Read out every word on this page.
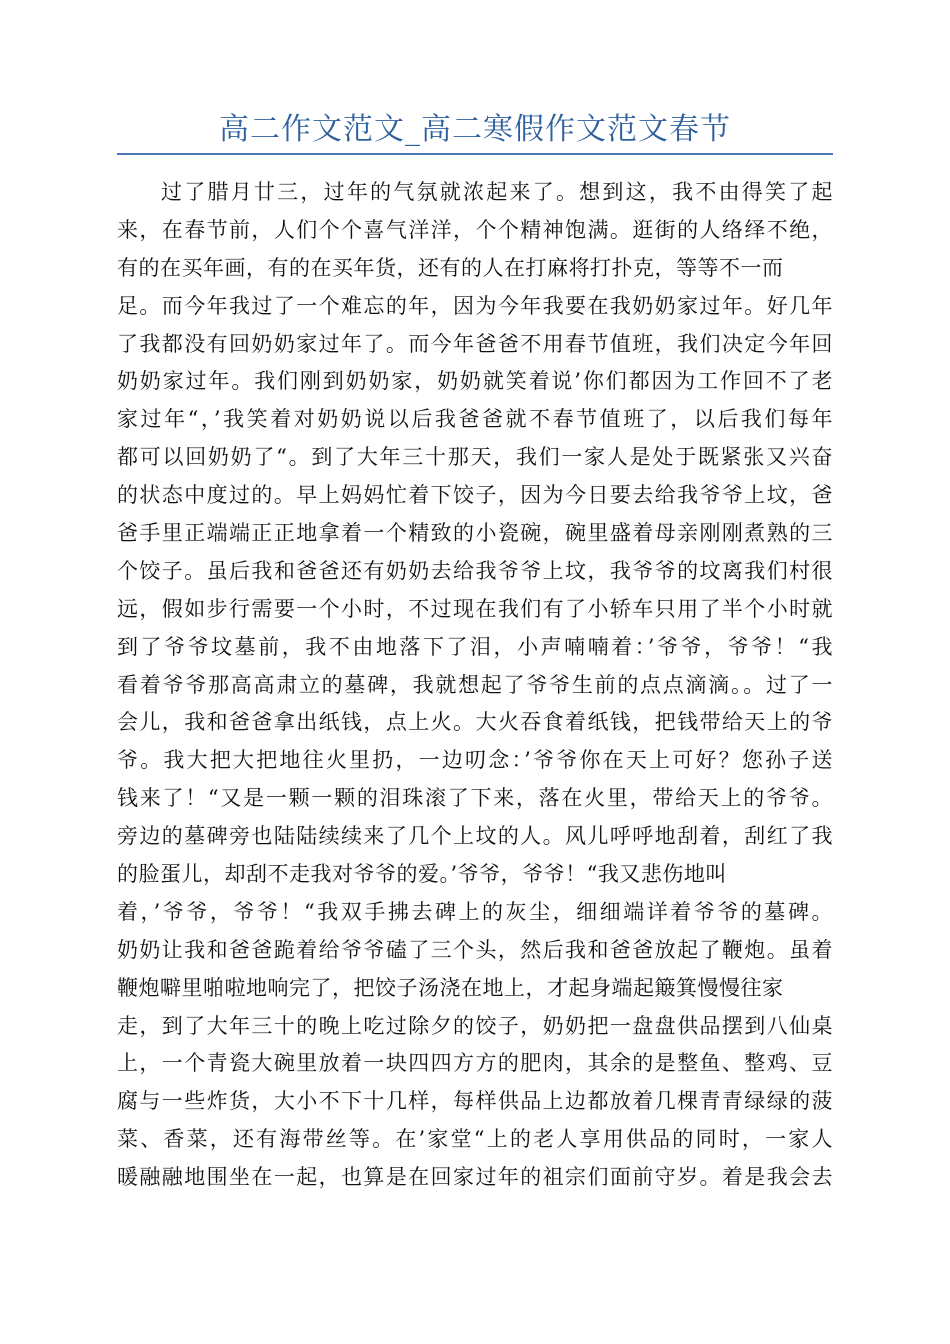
高二作文范文_高二寒假作文范文春节
过了腊月廿三，过年的气氛就浓起来了。想到这，我不由得笑了起
来，在春节前，人们个个喜气洋洋，个个精神饱满。逛街的人络绎不绝，
有的在买年画，有的在买年货，还有的人在打麻将打扑克，等等不一而
足。而今年我过了一个难忘的年，因为今年我要在我奶奶家过年。好几年
了我都没有回奶奶家过年了。而今年爸爸不用春节值班，我们决定今年回
奶奶家过年。我们刚到奶奶家，奶奶就笑着说’你们都因为工作回不了老
家过年“，’我笑着对奶奶说以后我爸爸就不春节值班了，以后我们每年
都可以回奶奶了“。到了大年三十那天，我们一家人是处于既紧张又兴奋
的状态中度过的。早上妈妈忙着下饺子，因为今日要去给我爷爷上坟，爸
爸手里正端端正正地拿着一个精致的小瓷碗，碗里盛着母亲刚刚煮熟的三
个饺子。虽后我和爸爸还有奶奶去给我爷爷上坟，我爷爷的坟离我们村很
远，假如步行需要一个小时，不过现在我们有了小轿车只用了半个小时就
到了爷爷坟墓前，我不由地落下了泪，小声喃喃着：’爷爷，爷爷！“我
看着爷爷那高高肃立的墓碑，我就想起了爷爷生前的点点滴滴。。过了一
会儿，我和爸爸拿出纸钱，点上火。大火吞食着纸钱，把钱带给天上的爷
爷。我大把大把地往火里扔，一边叨念：’爷爷你在天上可好？您孙子送
钱来了！“又是一颗一颗的泪珠滚了下来，落在火里，带给天上的爷爷。
旁边的墓碑旁也陆陆续续来了几个上坟的人。风儿呼呼地刮着，刮红了我
的脸蛋儿，却刮不走我对爷爷的爱。’爷爷，爷爷！“我又悲伤地叫
着，’爷爷，爷爷！“我双手拂去碑上的灰尘，细细端详着爷爷的墓碑。
奶奶让我和爸爸跪着给爷爷磕了三个头，然后我和爸爸放起了鞭炮。虽着
鞭炮噼里啪啦地响完了，把饺子汤浇在地上，才起身端起簸箕慢慢往家
走，到了大年三十的晚上吃过除夕的饺子，奶奶把一盘盘供品摆到八仙桌
上，一个青瓷大碗里放着一块四四方方的肥肉，其余的是整鱼、整鸡、豆
腐与一些炸货，大小不下十几样，每样供品上边都放着几棵青青绿绿的菠
菜、香菜，还有海带丝等。在’家堂“上的老人享用供品的同时，一家人
暖融融地围坐在一起，也算是在回家过年的祖宗们面前守岁。着是我会去
